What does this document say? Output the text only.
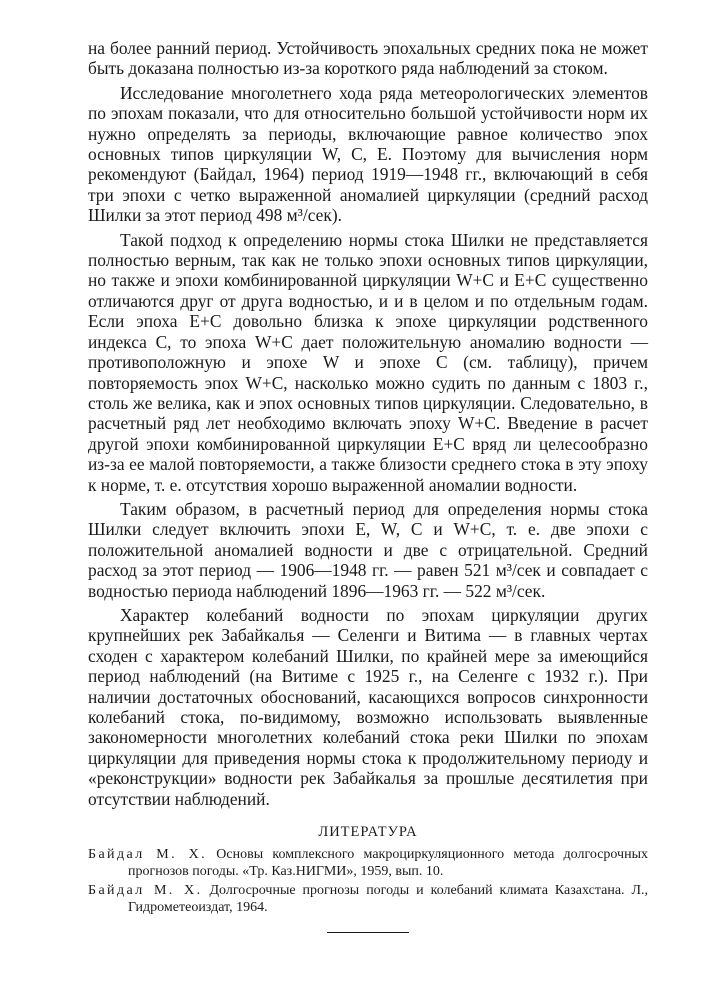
на более ранний период. Устойчивость эпохальных средних пока не может быть доказана полностью из-за короткого ряда наблюдений за стоком.

Исследование многолетнего хода ряда метеорологических элементов по эпохам показали, что для относительно большой устойчивости норм их нужно определять за периоды, включающие равное количество эпох основных типов циркуляции W, C, E. Поэтому для вычисления норм рекомендуют (Байдал, 1964) период 1919—1948 гг., включающий в себя три эпохи с четко выраженной аномалией циркуляции (средний расход Шилки за этот период 498 м³/сек).

Такой подход к определению нормы стока Шилки не представляется полностью верным, так как не только эпохи основных типов циркуляции, но также и эпохи комбинированной циркуляции W+C и E+C существенно отличаются друг от друга водностью, и и в целом и по отдельным годам. Если эпоха E+C довольно близка к эпохе циркуляции родственного индекса C, то эпоха W+C дает положительную аномалию водности — противоположную и эпохе W и эпохе C (см. таблицу), причем повторяемость эпох W+C, насколько можно судить по данным с 1803 г., столь же велика, как и эпох основных типов циркуляции. Следовательно, в расчетный ряд лет необходимо включать эпоху W+C. Введение в расчет другой эпохи комбинированной циркуляции E+C вряд ли целесообразно из-за ее малой повторяемости, а также близости среднего стока в эту эпоху к норме, т. е. отсутствия хорошо выраженной аномалии водности.

Таким образом, в расчетный период для определения нормы стока Шилки следует включить эпохи E, W, C и W+C, т. е. две эпохи с положительной аномалией водности и две с отрицательной. Средний расход за этот период — 1906—1948 гг. — равен 521 м³/сек и совпадает с водностью периода наблюдений 1896—1963 гг. — 522 м³/сек.

Характер колебаний водности по эпохам циркуляции других крупнейших рек Забайкалья — Селенги и Витима — в главных чертах сходен с характером колебаний Шилки, по крайней мере за имеющийся период наблюдений (на Витиме с 1925 г., на Селенге с 1932 г.). При наличии достаточных обоснований, касающихся вопросов синхронности колебаний стока, по-видимому, возможно использовать выявленные закономерности многолетних колебаний стока реки Шилки по эпохам циркуляции для приведения нормы стока к продолжительному периоду и «реконструкции» водности рек Забайкалья за прошлые десятилетия при отсутствии наблюдений.

ЛИТЕРАТУРА
Байдал М. Х. Основы комплексного макроциркуляционного метода долгосрочных прогнозов погоды. «Тр. Каз.НИГМИ», 1959, вып. 10.
Байдал М. Х. Долгосрочные прогнозы погоды и колебаний климата Казахстана. Л., Гидрометеоиздат, 1964.
